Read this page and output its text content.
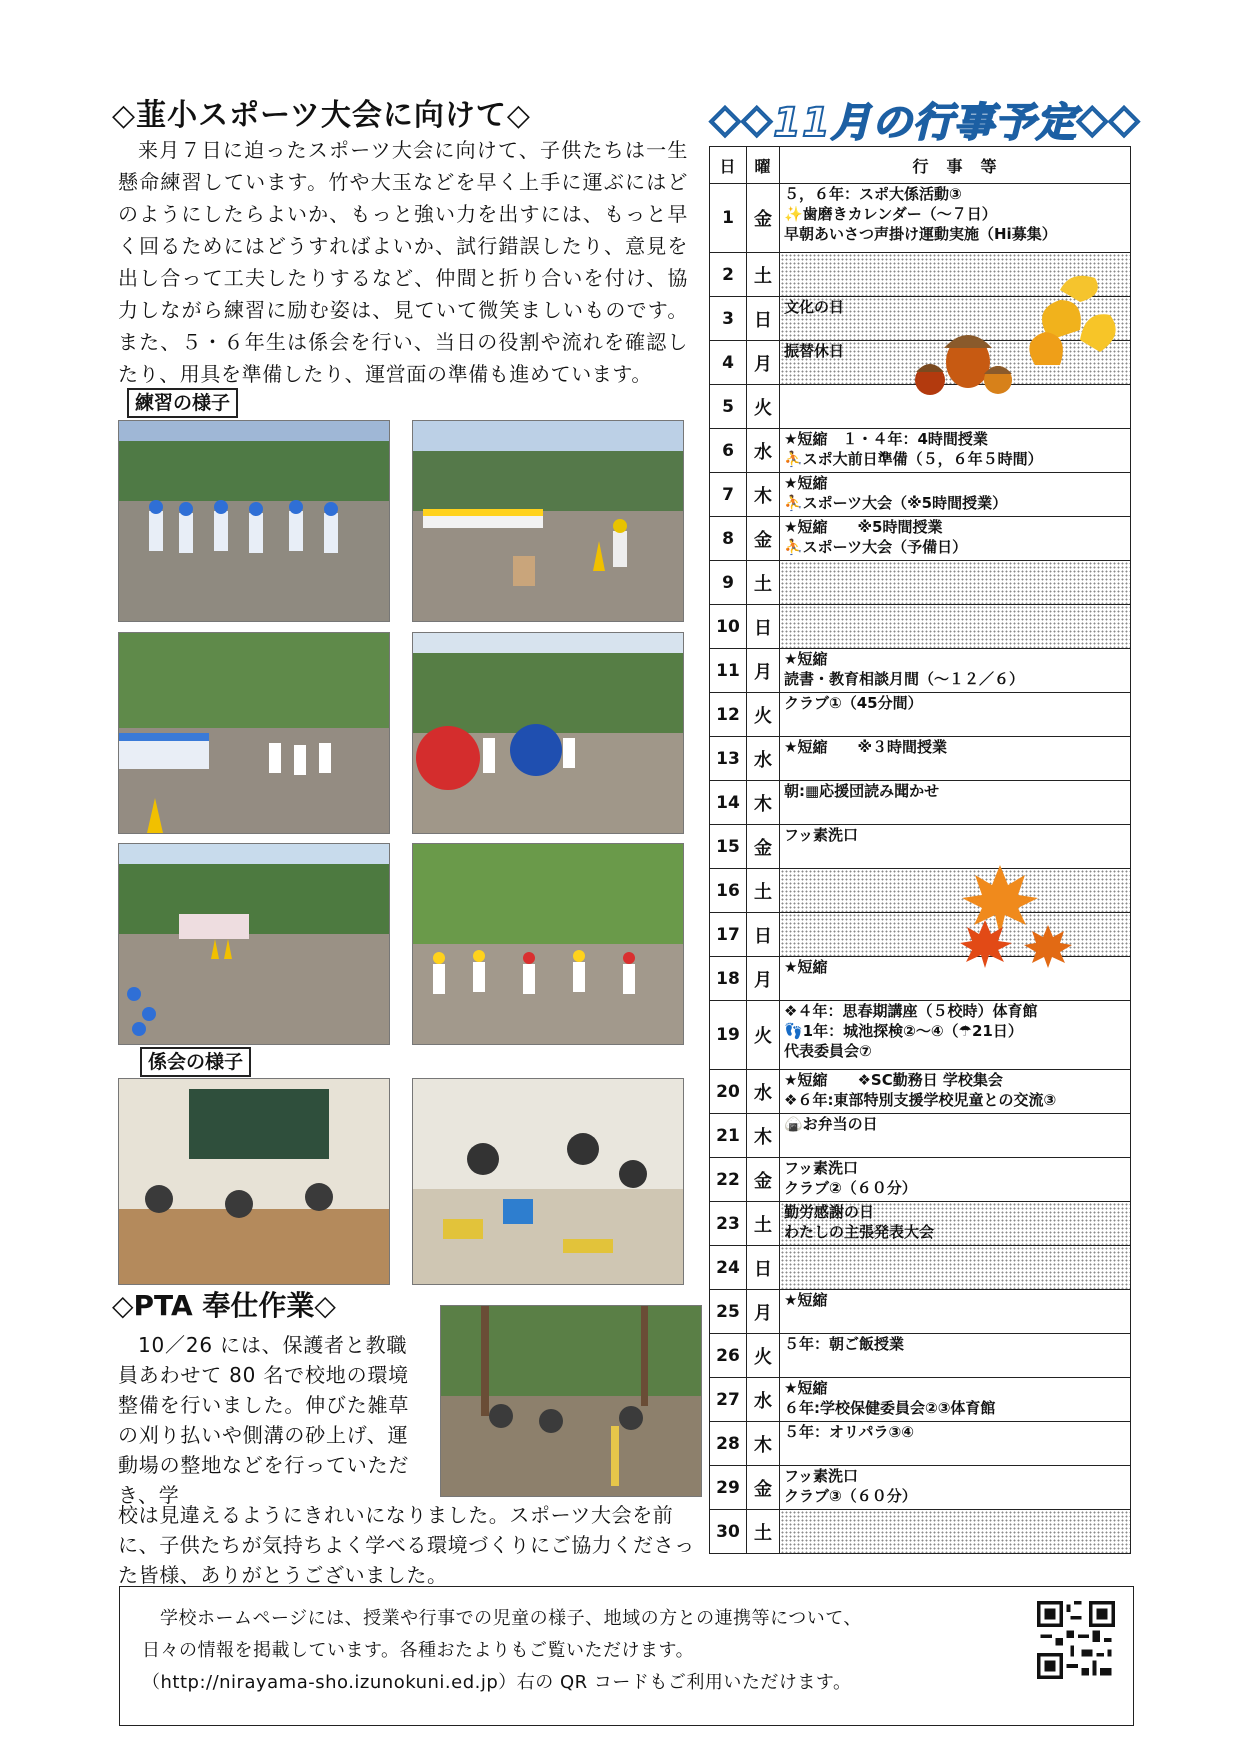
◇韮小スポーツ大会に向けて◇
来月７日に迫ったスポーツ大会に向けて、子供たちは一生懸命練習しています。竹や大玉などを早く上手に運ぶにはどのようにしたらよいか、もっと強い力を出すには、もっと早く回るためにはどうすればよいか、試行錯誤したり、意見を出し合って工夫したりするなど、仲間と折り合いを付け、協力しながら練習に励む姿は、見ていて微笑ましいものです。また、５・６年生は係会を行い、当日の役割や流れを確認したり、用具を準備したり、運営面の準備も進めています。
練習の様子
係会の様子
◇PTA 奉仕作業◇
10／26 には、保護者と教職員あわせて 80 名で校地の環境整備を行いました。伸びた雑草の刈り払いや側溝の砂上げ、運動場の整地などを行っていただき、学
校は見違えるようにきれいになりました。スポーツ大会を前に、子供たちが気持ちよく学べる環境づくりにご協力くださった皆様、ありがとうございました。
◇◇ 11月の行事予定 ◇◇
日	曜	行　事　等
1	金	５，６年：スポ大係活動③
✨歯磨きカレンダー（～７日）
早朝あいさつ声掛け運動実施（Hi募集）

2	土	
3	日	文化の日

4	月	振替休日

5	火	
6	水	★短縮　１・４年：4時間授業
⛹スポ大前日準備（５，６年５時間）

7	木	★短縮
⛹スポーツ大会（※5時間授業）

8	金	★短縮　　※5時間授業
⛹スポーツ大会（予備日）

9	土	
10	日	
11	月	★短縮
読書・教育相談月間（～１２／６）

12	火	クラブ①（45分間）

13	水	★短縮　　※３時間授業

14	木	朝:▦応援団読み聞かせ

15	金	フッ素洗口

16	土	
17	日	
18	月	★短縮

19	火	❖４年：思春期講座（５校時）体育館
👣1年：城池探検②～④（☂21日）
代表委員会⑦

20	水	★短縮　　❖SC勤務日 学校集会
❖６年:東部特別支援学校児童との交流③

21	木	🍙お弁当の日

22	金	フッ素洗口
クラブ②（６０分）

23	土	勤労感謝の日
わたしの主張発表大会

24	日	
25	月	★短縮

26	火	５年：朝ご飯授業

27	水	★短縮
６年:学校保健委員会②③体育館

28	木	５年：オリパラ③④

29	金	フッ素洗口
クラブ③（６０分）

30	土	
学校ホームページには、授業や行事での児童の様子、地域の方との連携等について、
日々の情報を掲載しています。各種おたよりもご覧いただけます。
（http://nirayama-sho.izunokuni.ed.jp）右の QR コードもご利用いただけます。
